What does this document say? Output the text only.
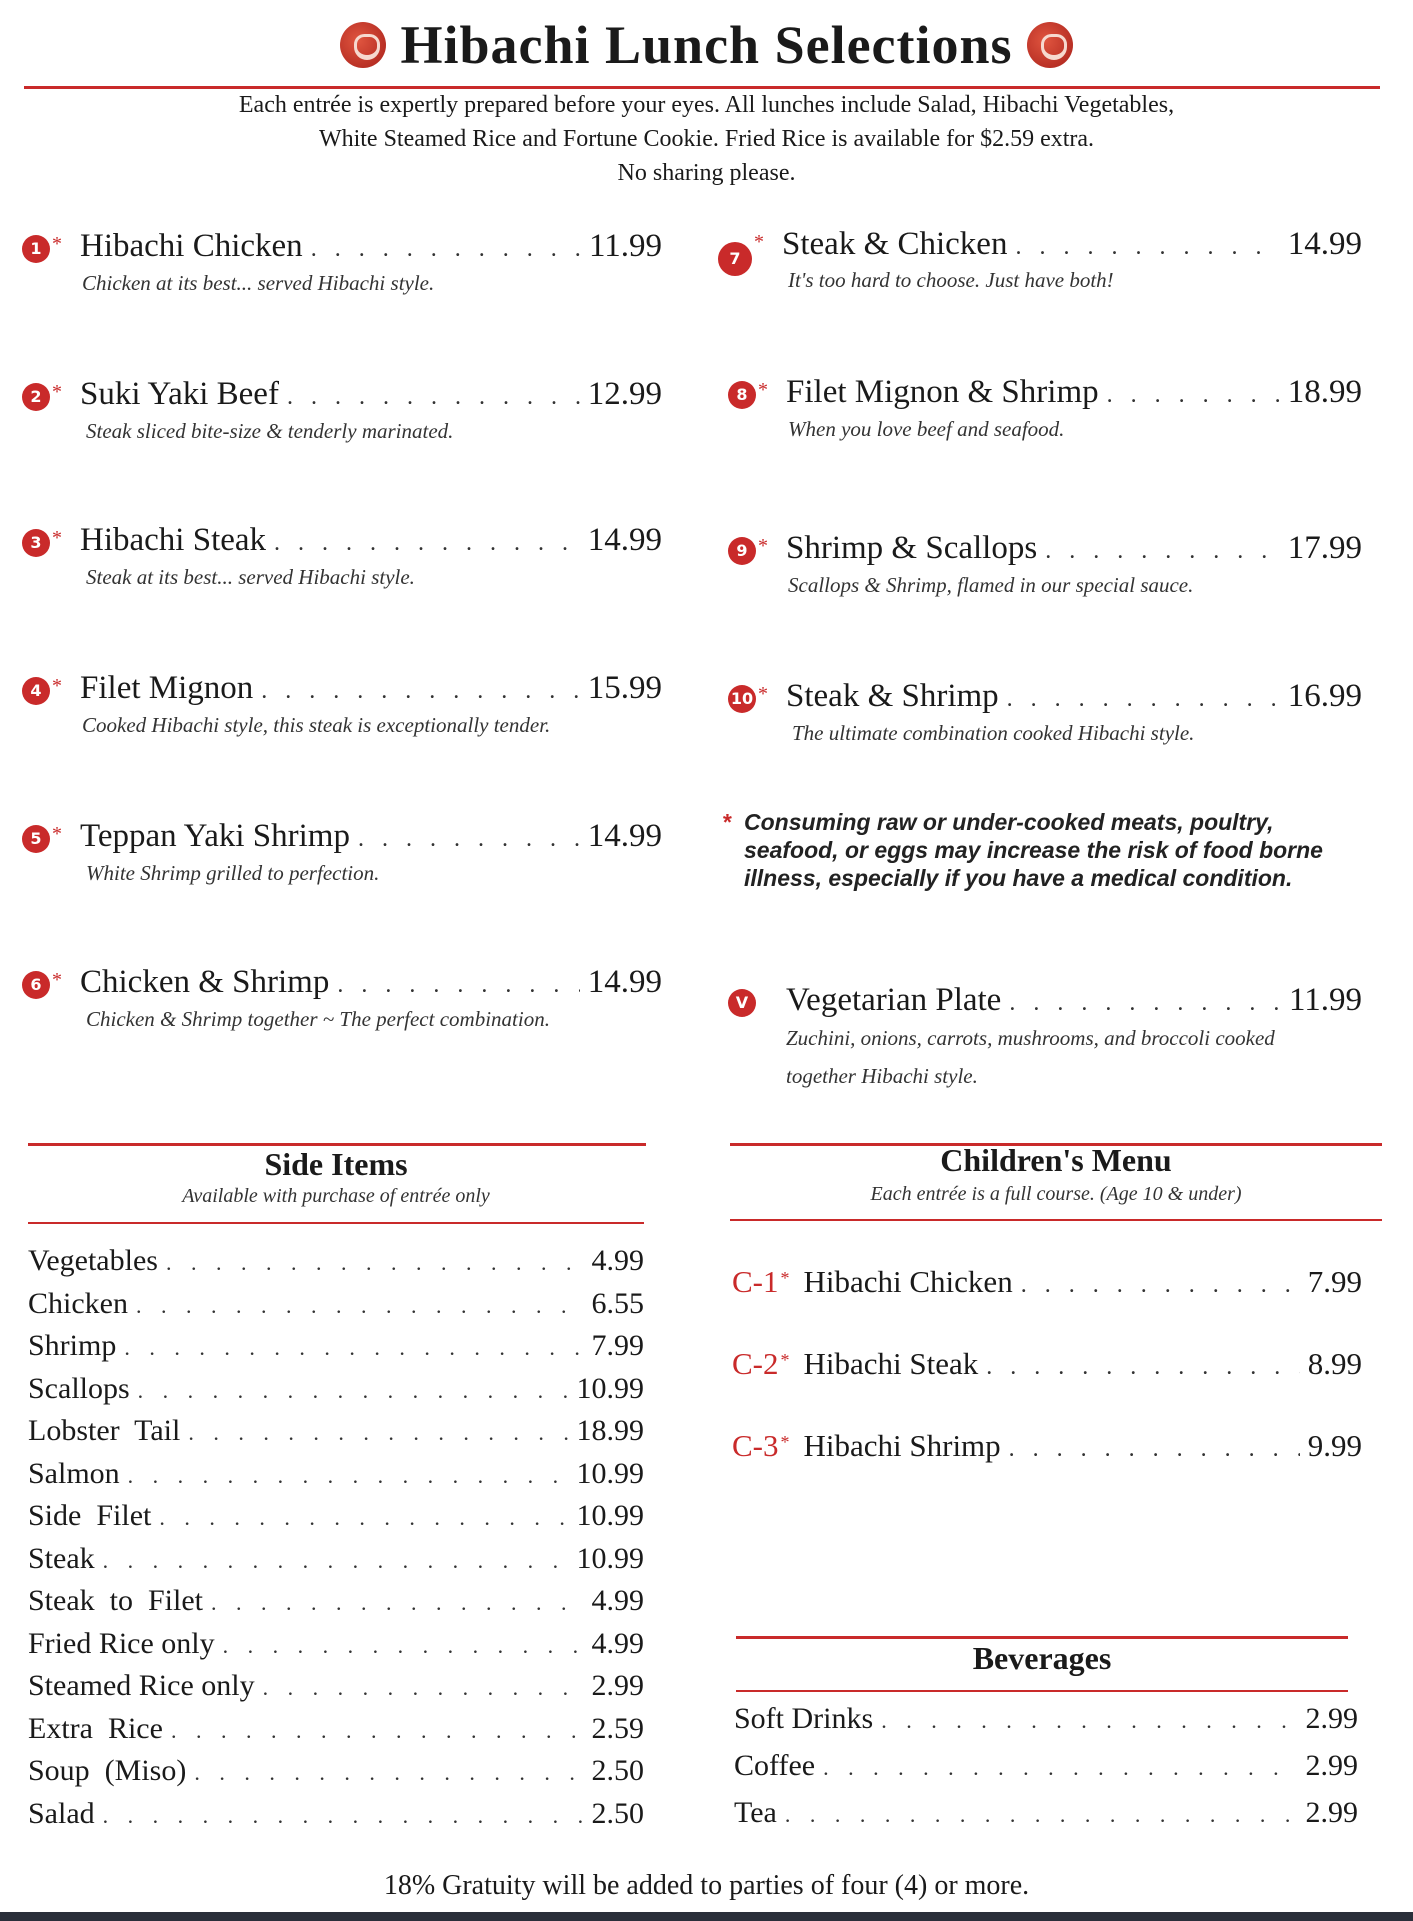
Hibachi Lunch Selections
Each entrée is expertly prepared before your eyes. All lunches include Salad, Hibachi Vegetables,
White Steamed Rice and Fortune Cookie. Fried Rice is available for $2.59 extra.
No sharing please.
1 * Hibachi Chicken . . .	11.99
Chicken at its best... served Hibachi style.
2 * Suki Yaki Beef . . .	12.99
Steak sliced bite-size & tenderly marinated.
3 * Hibachi Steak . . .	14.99
Steak at its best... served Hibachi style.
4 * Filet Mignon . . .	15.99
Cooked Hibachi style, this steak is exceptionally tender.
5 * Teppan Yaki Shrimp . . .	14.99
White Shrimp grilled to perfection.
6 * Chicken & Shrimp . . .	14.99
Chicken & Shrimp together ~ The perfect combination.
7
* Steak & Chicken . . .	14.99
It's too hard to choose. Just have both!
8 * Filet Mignon & Shrimp . . .	18.99
When you love beef and seafood.
9 * Shrimp & Scallops . . .	17.99
Scallops & Shrimp, flamed in our special sauce.
10 * Steak & Shrimp . . .	16.99
The ultimate combination cooked Hibachi style.
* Consuming raw or under-cooked meats, poultry, seafood, or eggs may increase the risk of food borne illness, especially if you have a medical condition.
V Vegetarian Plate . . .	11.99
Zuchini, onions, carrots, mushrooms, and broccoli cooked
together Hibachi style.
Side Items
Available with purchase of entrée only
Vegetables . . .	4.99
Chicken . . .	6.55
Shrimp . . .	7.99
Scallops . . .	10.99
Lobster  Tail . . .	18.99
Salmon . . .	10.99
Side  Filet . . .	10.99
Steak . . .	10.99
Steak  to  Filet . . .	4.99
Fried Rice only . . .	4.99
Steamed Rice only . . .	2.99
Extra  Rice . . .	2.59
Soup  (Miso) . . .	2.50
Salad . . .	2.50
Children's Menu
Each entrée is a full course. (Age 10 & under)
C-1 * Hibachi Chicken . . .	7.99
C-2 * Hibachi Steak . . .	8.99
C-3 * Hibachi Shrimp . . .	9.99
Beverages
Soft Drinks . . .	2.99
Coffee . . .	2.99
Tea . . .	2.99
18% Gratuity will be added to parties of four (4) or more.
